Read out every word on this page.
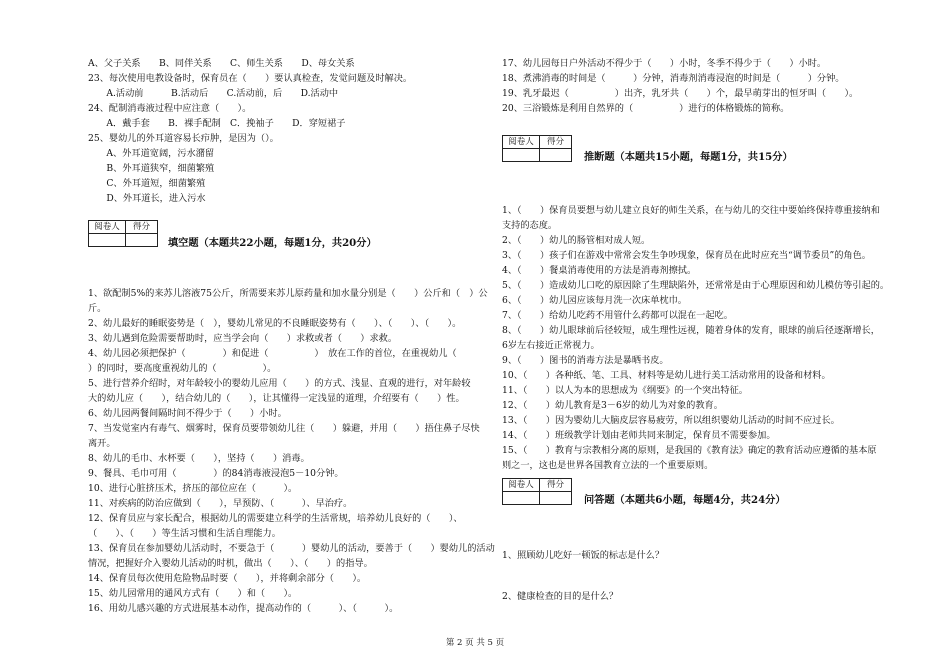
A、父子关系　　B、同伴关系　　C、师生关系　　D、母女关系
23、每次使用电教设备时，保育员在（　　）要认真检查，发觉问题及时解决。
　　A.活动前　　　B.活动后　　C.活动前，后　　D.活动中
24、配制消毒液过程中应注意（　　）。
　　A．戴手套　　B．裸手配制　C．挽袖子　　D．穿短裙子
25、婴幼儿的外耳道容易长疖肿，是因为（）。
　　A、外耳道宽阔，污水潴留
　　B、外耳道狭窄，细菌繁殖
　　C、外耳道短，细菌繁殖
　　D、外耳道长，进入污水
阅卷人	得分
填空题（本题共22小题，每题1分，共20分）
1、欲配制5%的来苏儿溶液75公斤，所需要来苏儿原药量和加水量分别是（　　）公斤和（　）公
斤。
2、幼儿最好的睡眠姿势是（　），婴幼儿常见的不良睡眠姿势有（　　）、（　　）、（　　）。
3、幼儿遇到危险需要帮助时，应当学会向（　　）求救或者（　　）求救。
4、幼儿园必须把保护（　　　　）和促进（　　　　　）　放在工作的首位，在重视幼儿（
）的同时，要高度重视幼儿的（　　　　　）。
5、进行营养介绍时，对年龄较小的婴幼儿应用（　　）的方式、浅显、直观的进行，对年龄较
大的幼儿应（　　），结合幼儿的（　　），让其懂得一定浅显的道理，介绍要有（　　）性。
6、幼儿园两餐间隔时间不得少于（　　）小时。
7、当发觉室内有毒气、烟雾时，保育员要带领幼儿往（　　）躲避，并用（　　）捂住鼻子尽快
离开。
8、幼儿的毛巾、水杯要（　　），坚持（　　）消毒。
9、餐具、毛巾可用（　　　　）的84消毒液浸泡5－10分钟。
10、进行心脏挤压术，挤压的部位应在（　　　）。
11、对疾病的防治应做到（　　），早预防、（　　　）、早治疗。
12、保育员应与家长配合，根据幼儿的需要建立科学的生活常规，培养幼儿良好的（　　）、
（　　）、（　　）等生活习惯和生活自理能力。
13、保育员在参加婴幼儿活动时，不要急于（　　　）婴幼儿的活动，要善于（　　）婴幼儿的活动
情况，把握好介入婴幼儿活动的时机，做出（　　）、（　　）的指导。
14、保育员每次使用危险物品时要（　　），并将剩余部分（　　）。
15、幼儿园常用的通风方式有（　　）和（　　）。
16、用幼儿感兴趣的方式进展基本动作，提高动作的（　　　）、（　　　）。
17、幼儿园每日户外活动不得少于（　　）小时，冬季不得少于（　　）小时。
18、煮沸消毒的时间是（　　　）分钟，消毒剂消毒浸泡的时间是（　　　）分钟。
19、乳牙最迟（　　　　　）出齐，乳牙共（　　）个，最早萌芽出的恒牙叫（　　）。
20、三浴锻炼是利用自然界的（　　　　　）进行的体格锻炼的简称。
阅卷人	得分
推断题（本题共15小题，每题1分，共15分）
1、（　　）保育员要想与幼儿建立良好的师生关系，在与幼儿的交往中要始终保持尊重接纳和
支持的态度。
2、（　　）幼儿的肠管相对成人短。
3、（　　）孩子们在游戏中常常会发生争吵现象，保育员在此时应充当“调节委员”的角色。
4、（　　）餐桌消毒使用的方法是消毒剂擦拭。
5、（　　）造成幼儿口吃的原因除了生理缺陷外，还常常是由于心理原因和幼儿模仿等引起的。
6、（　　）幼儿园应该每月洗一次床单枕巾。
7、（　　）给幼儿吃药不用管什么药都可以混在一起吃。
8、（　　）幼儿眼球前后径较短，成生理性远视，随着身体的发育，眼球的前后径逐渐增长，
6岁左右接近正常视力。
9、（　　）图书的消毒方法是暴晒书皮。
10、（　　）各种纸、笔、工具、材料等是幼儿进行美工活动常用的设备和材料。
11、（　　）以人为本的思想成为《纲要》的一个突出特征。
12、（　　）幼儿教育是3－6岁的幼儿为对象的教育。
13、（　　）因为婴幼儿大脑皮层容易疲劳，所以组织婴幼儿活动的时间不应过长。
14、（　　）班级教学计划由老师共同来制定，保育员不需要参加。
15、（　　）教育与宗教相分离的原则，是我国的《教育法》确定的教育活动应遵循的基本原
则之一，这也是世界各国教育立法的一个重要原则。
阅卷人	得分
问答题（本题共6小题，每题4分，共24分）
1、照顾幼儿吃好一顿饭的标志是什么？
2、健康检查的目的是什么？
第 2 页 共 5 页
